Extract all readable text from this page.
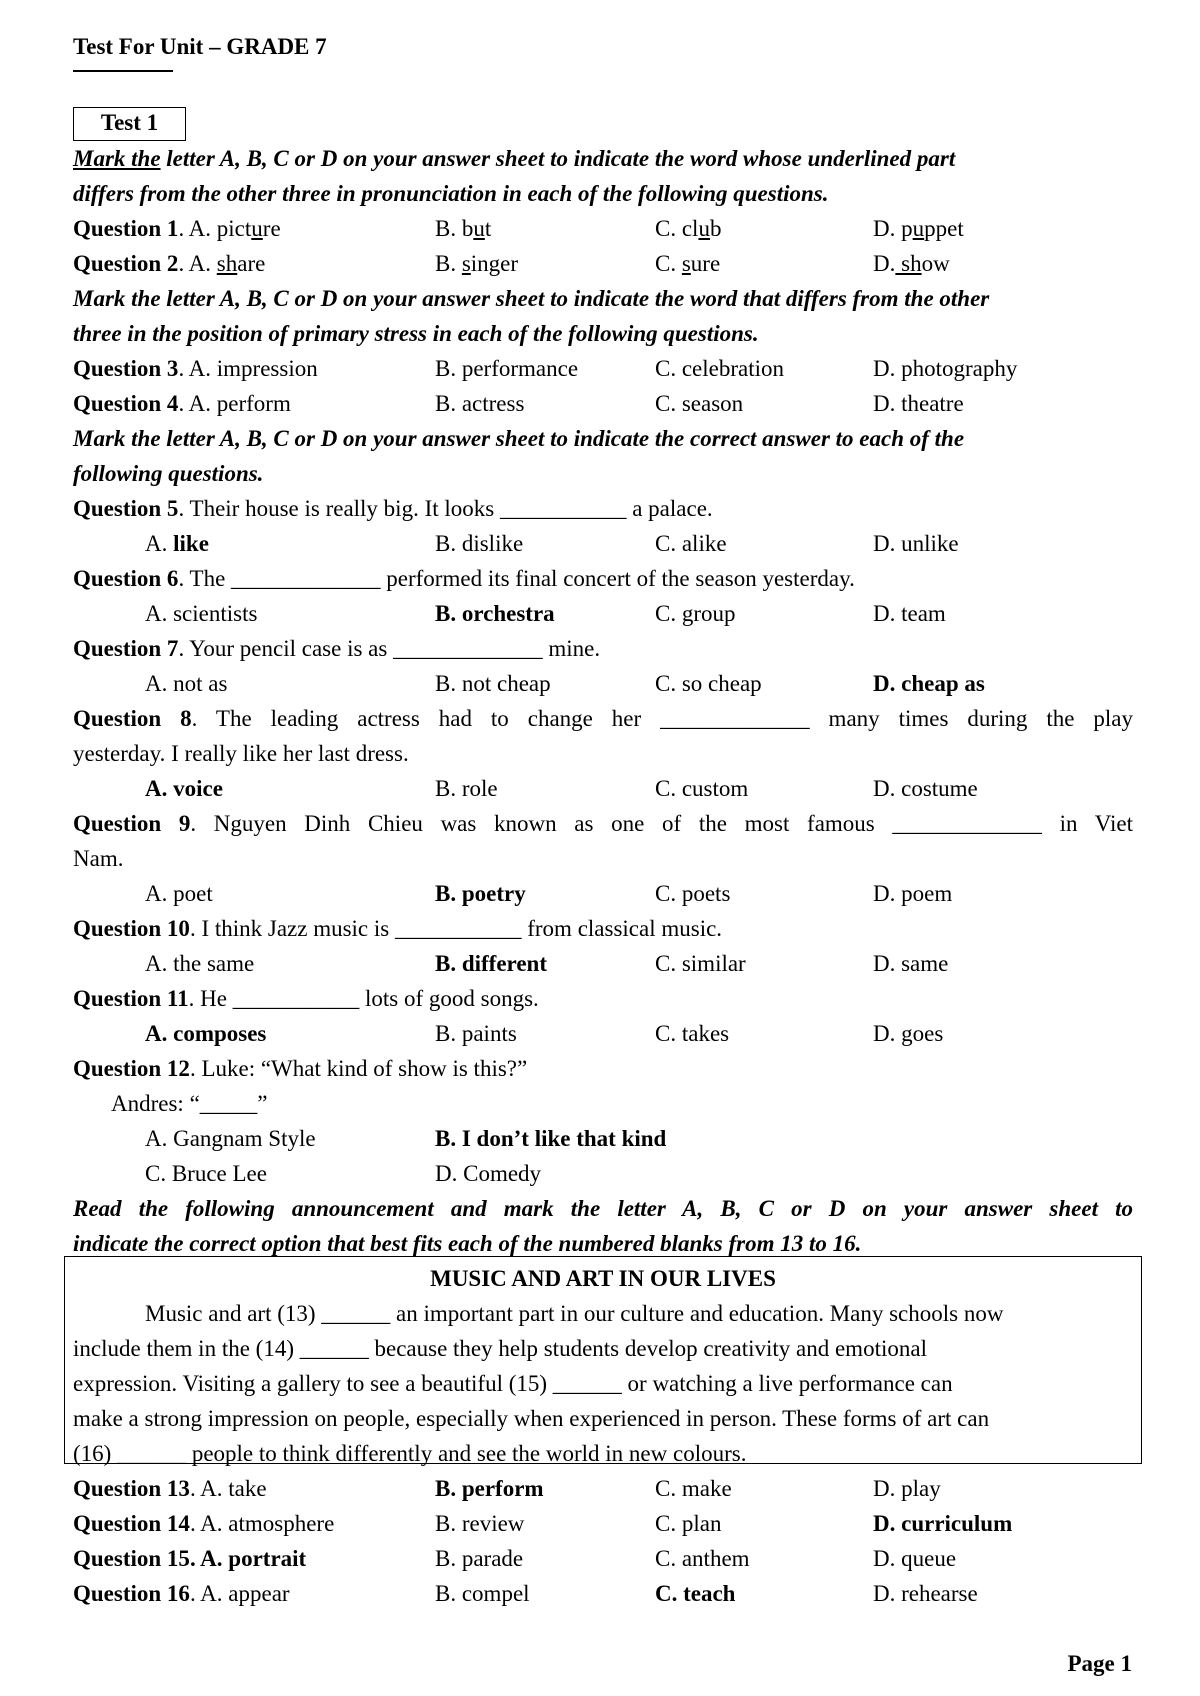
Test For Unit – GRADE 7
Test 1
Mark the letter A, B, C or D on your answer sheet to indicate the word whose underlined part
differs from the other three in pronunciation in each of the following questions.
Question 1. A. picture	B. but	C. club	D. puppet
Question 2. A. share	B. singer	C. sure	D. show
Mark the letter A, B, C or D on your answer sheet to indicate the word that differs from the other
three in the position of primary stress in each of the following questions.
Question 3. A. impression	B. performance	C. celebration	D. photography
Question 4. A. perform	B. actress	C. season	D. theatre
Mark the letter A, B, C or D on your answer sheet to indicate the correct answer to each of the
following questions.
Question 5. Their house is really big. It looks ___________ a palace.
A. like	B. dislike	C. alike	D. unlike
Question 6. The _____________ performed its final concert of the season yesterday.
A. scientists	B. orchestra	C. group	D. team
Question 7. Your pencil case is as _____________ mine.
A. not as	B. not cheap	C. so cheap	D. cheap as
Question 8. The leading actress had to change her _____________ many times during the play
yesterday. I really like her last dress.
A. voice	B. role	C. custom	D. costume
Question 9. Nguyen Dinh Chieu was known as one of the most famous _____________ in Viet
Nam.
A. poet	B. poetry	C. poets	D. poem
Question 10. I think Jazz music is ___________ from classical music.
A. the same	B. different	C. similar	D. same
Question 11. He ___________ lots of good songs.
A. composes	B. paints	C. takes	D. goes
Question 12. Luke: “What kind of show is this?”
Andres: “_____”
A. Gangnam Style	B. I don’t like that kind
C. Bruce Lee	D. Comedy
Read the following announcement and mark the letter A, B, C or D on your answer sheet to
indicate the correct option that best fits each of the numbered blanks from 13 to 16.
MUSIC AND ART IN OUR LIVES
Music and art (13) ______ an important part in our culture and education. Many schools now
include them in the (14) ______ because they help students develop creativity and emotional
expression. Visiting a gallery to see a beautiful (15) ______ or watching a live performance can
make a strong impression on people, especially when experienced in person. These forms of art can
(16) ______ people to think differently and see the world in new colours.
Question 13. A. take	B. perform	C. make	D. play
Question 14. A. atmosphere	B. review	C. plan	D. curriculum
Question 15. A. portrait	B. parade	C. anthem	D. queue
Question 16. A. appear	B. compel	C. teach	D. rehearse
Page 1
